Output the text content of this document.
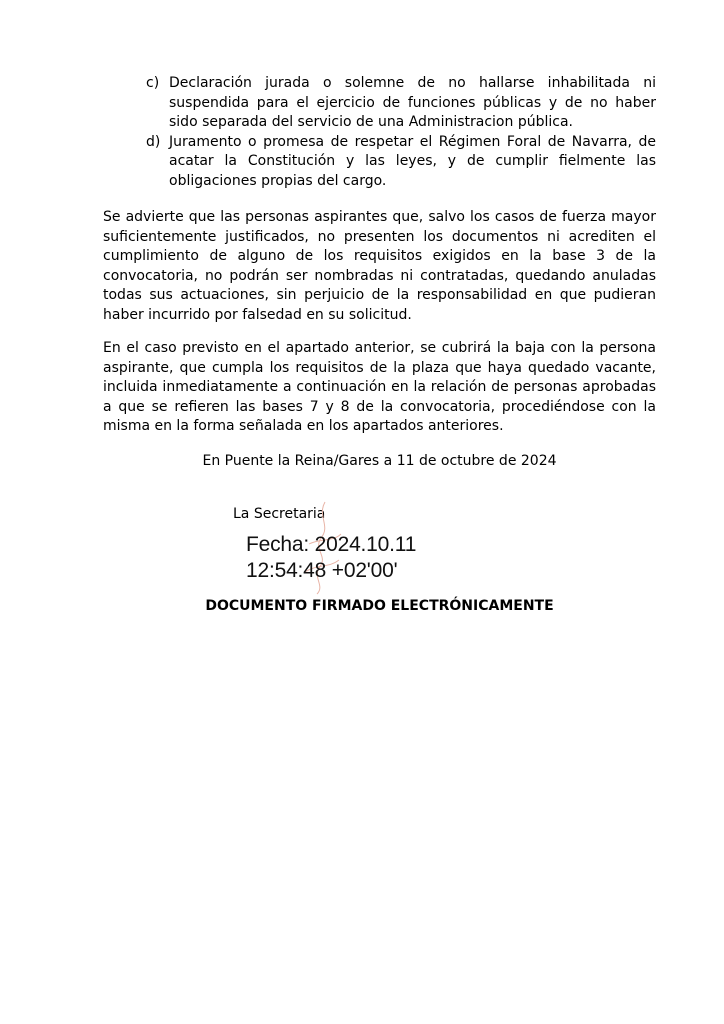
c) Declaración jurada o solemne de no hallarse inhabilitada ni suspendida para el ejercicio de funciones públicas y de no haber sido separada del servicio de una Administracion pública.
d) Juramento o promesa de respetar el Régimen Foral de Navarra, de acatar la Constitución y las leyes, y de cumplir fielmente las obligaciones propias del cargo.

Se advierte que las personas aspirantes que, salvo los casos de fuerza mayor suficientemente justificados, no presenten los documentos ni acrediten el cumplimiento de alguno de los requisitos exigidos en la base 3 de la convocatoria, no podrán ser nombradas ni contratadas, quedando anuladas todas sus actuaciones, sin perjuicio de la responsabilidad en que pudieran haber incurrido por falsedad en su solicitud.

En el caso previsto en el apartado anterior, se cubrirá la baja con la persona aspirante, que cumpla los requisitos de la plaza que haya quedado vacante, incluida inmediatamente a continuación en la relación de personas aprobadas a que se refieren las bases 7 y 8 de la convocatoria, procediéndose con la misma en la forma señalada en los apartados anteriores.

En Puente la Reina/Gares a 11 de octubre de 2024
La Secretaria
Fecha: 2024.10.11
12:54:48 +02'00'
DOCUMENTO FIRMADO ELECTRÓNICAMENTE
